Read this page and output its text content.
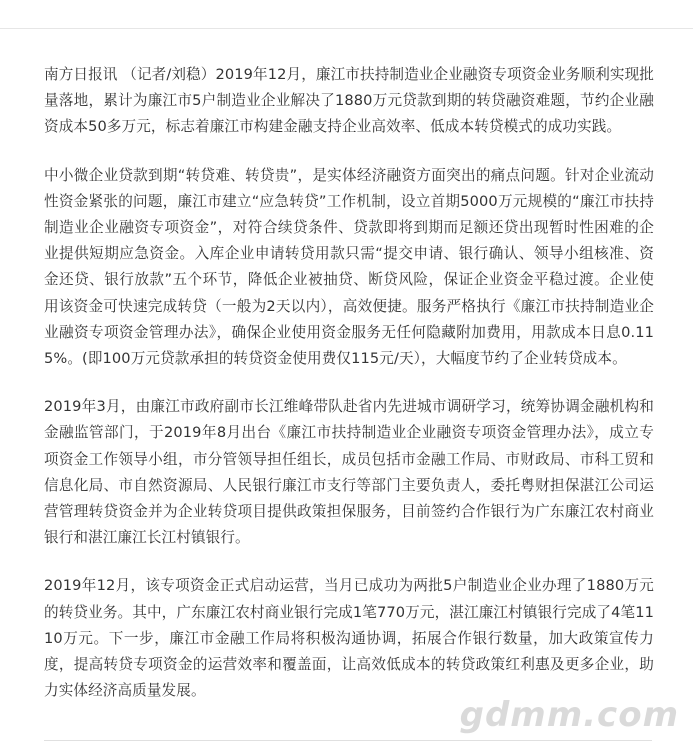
南方日报讯 （记者/刘稳）2019年12月，廉江市扶持制造业企业融资专项资金业务顺利实现批量落地，累计为廉江市5户制造业企业解决了1880万元贷款到期的转贷融资难题，节约企业融资成本50多万元，标志着廉江市构建金融支持企业高效率、低成本转贷模式的成功实践。

中小微企业贷款到期“转贷难、转贷贵”，是实体经济融资方面突出的痛点问题。针对企业流动性资金紧张的问题，廉江市建立“应急转贷”工作机制，设立首期5000万元规模的“廉江市扶持制造业企业融资专项资金”，对符合续贷条件、贷款即将到期而足额还贷出现暂时性困难的企业提供短期应急资金。入库企业申请转贷用款只需“提交申请、银行确认、领导小组核准、资金还贷、银行放款”五个环节，降低企业被抽贷、断贷风险，保证企业资金平稳过渡。企业使用该资金可快速完成转贷（一般为2天以内），高效便捷。服务严格执行《廉江市扶持制造业企业融资专项资金管理办法》，确保企业使用资金服务无任何隐藏附加费用，用款成本日息0.115%。(即100万元贷款承担的转贷资金使用费仅115元/天），大幅度节约了企业转贷成本。

2019年3月，由廉江市政府副市长江维峰带队赴省内先进城市调研学习，统筹协调金融机构和金融监管部门，于2019年8月出台《廉江市扶持制造业企业融资专项资金管理办法》，成立专项资金工作领导小组，市分管领导担任组长，成员包括市金融工作局、市财政局、市科工贸和信息化局、市自然资源局、人民银行廉江市支行等部门主要负责人，委托粤财担保湛江公司运营管理转贷资金并为企业转贷项目提供政策担保服务，目前签约合作银行为广东廉江农村商业银行和湛江廉江长江村镇银行。

2019年12月，该专项资金正式启动运营，当月已成功为两批5户制造业企业办理了1880万元的转贷业务。其中，广东廉江农村商业银行完成1笔770万元，湛江廉江村镇银行完成了4笔1110万元。下一步，廉江市金融工作局将积极沟通协调，拓展合作银行数量，加大政策宣传力度，提高转贷专项资金的运营效率和覆盖面，让高效低成本的转贷政策红利惠及更多企业，助力实体经济高质量发展。

gdmm.com
